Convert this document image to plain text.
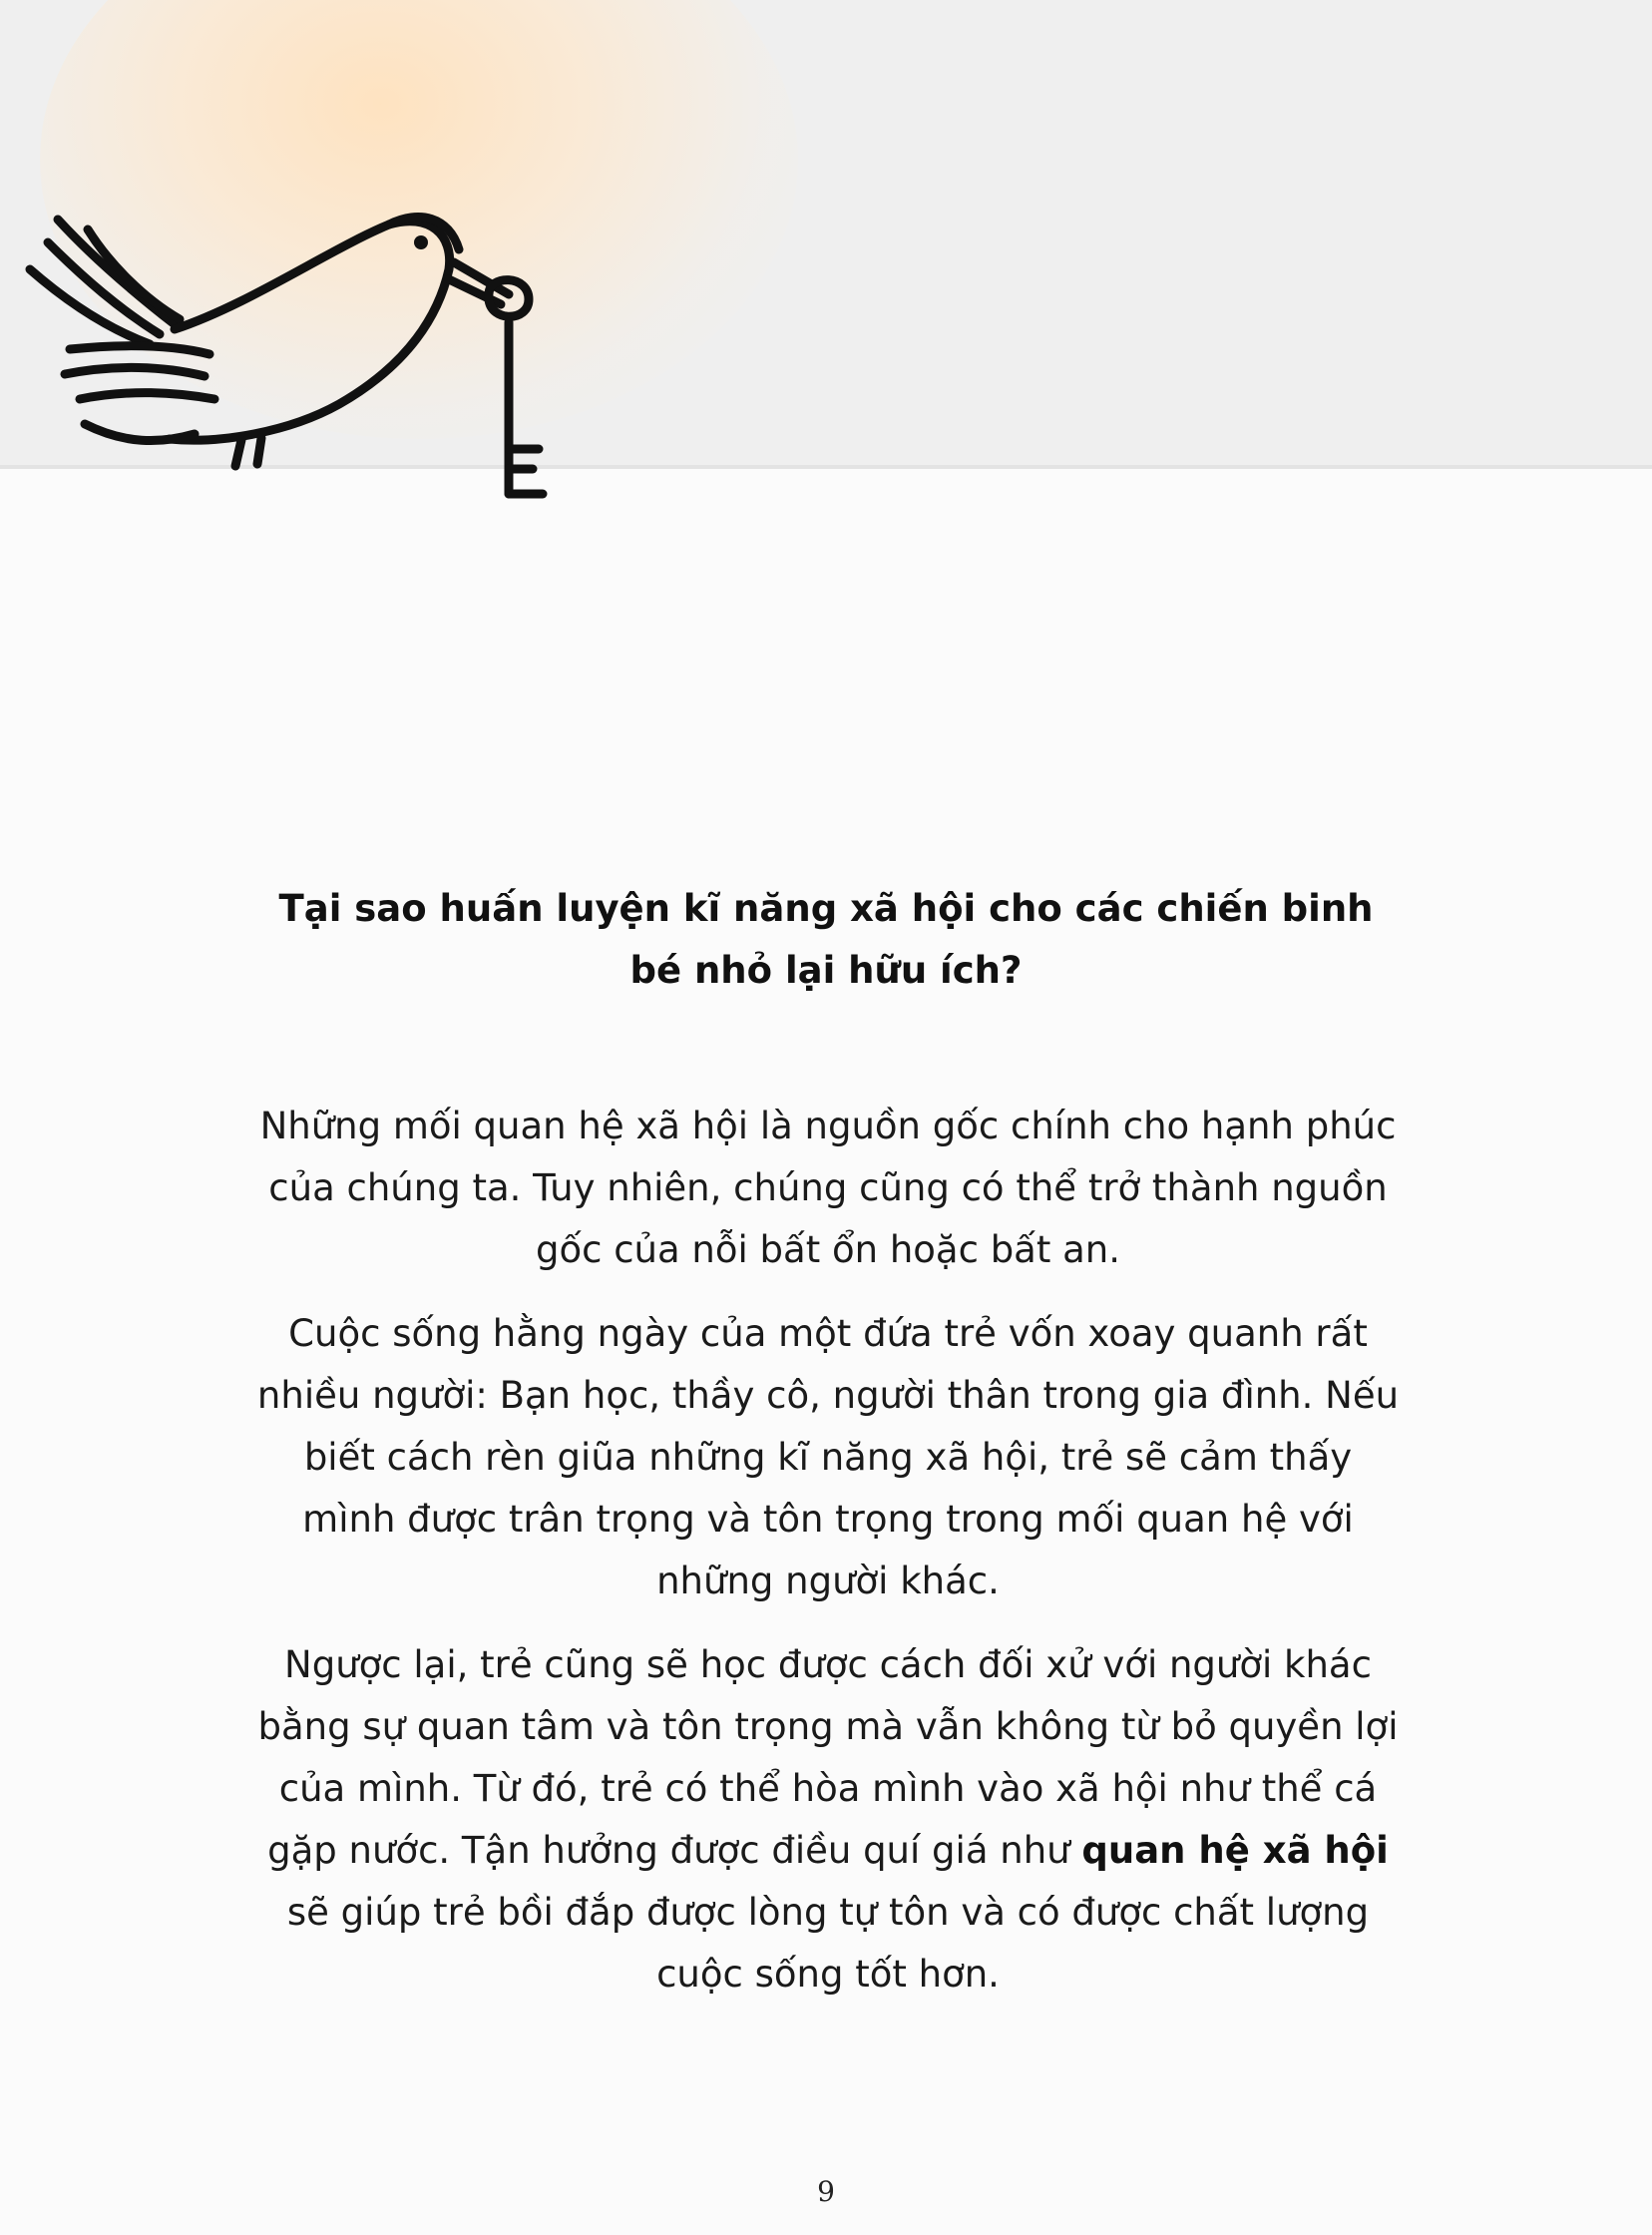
Tại sao huấn luyện kĩ năng xã hội cho các chiến binh
bé nhỏ lại hữu ích?

Những mối quan hệ xã hội là nguồn gốc chính cho hạnh phúc của chúng ta. Tuy nhiên, chúng cũng có thể trở thành nguồn gốc của nỗi bất ổn hoặc bất an.

Cuộc sống hằng ngày của một đứa trẻ vốn xoay quanh rất nhiều người: Bạn học, thầy cô, người thân trong gia đình. Nếu biết cách rèn giũa những kĩ năng xã hội, trẻ sẽ cảm thấy mình được trân trọng và tôn trọng trong mối quan hệ với những người khác.

Ngược lại, trẻ cũng sẽ học được cách đối xử với người khác bằng sự quan tâm và tôn trọng mà vẫn không từ bỏ quyền lợi của mình. Từ đó, trẻ có thể hòa mình vào xã hội như thể cá gặp nước. Tận hưởng được điều quí giá như quan hệ xã hội sẽ giúp trẻ bồi đắp được lòng tự tôn và có được chất lượng cuộc sống tốt hơn.

9
